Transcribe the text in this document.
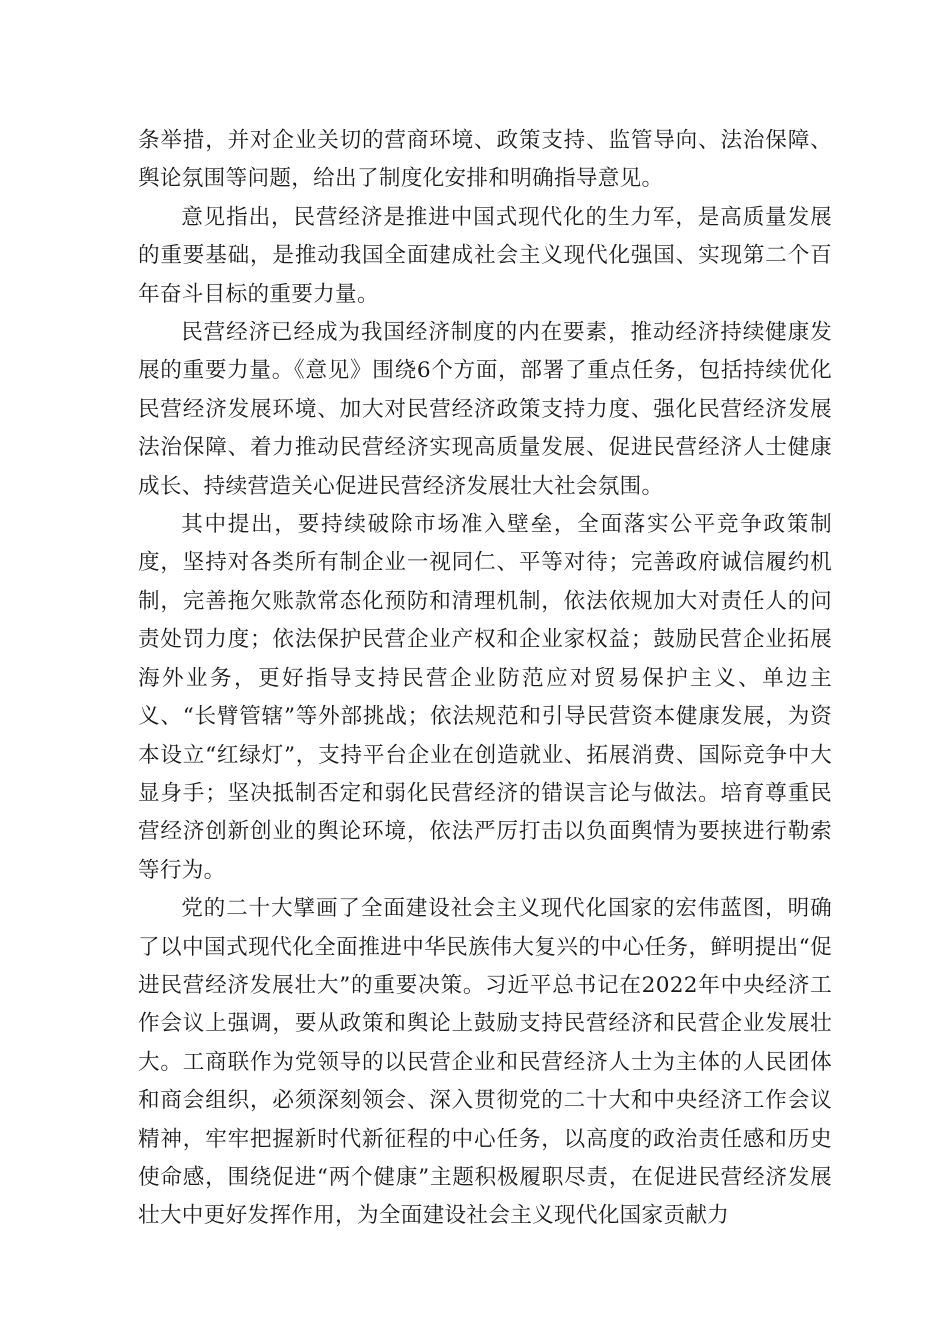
条举措，并对企业关切的营商环境、政策支持、监管导向、法治保障、舆论氛围等问题，给出了制度化安排和明确指导意见。

意见指出，民营经济是推进中国式现代化的生力军，是高质量发展的重要基础，是推动我国全面建成社会主义现代化强国、实现第二个百年奋斗目标的重要力量。

民营经济已经成为我国经济制度的内在要素，推动经济持续健康发展的重要力量。《意见》围绕6个方面，部署了重点任务，包括持续优化民营经济发展环境、加大对民营经济政策支持力度、强化民营经济发展法治保障、着力推动民营经济实现高质量发展、促进民营经济人士健康成长、持续营造关心促进民营经济发展壮大社会氛围。

其中提出，要持续破除市场准入壁垒，全面落实公平竞争政策制度，坚持对各类所有制企业一视同仁、平等对待；完善政府诚信履约机制，完善拖欠账款常态化预防和清理机制，依法依规加大对责任人的问责处罚力度；依法保护民营企业产权和企业家权益；鼓励民营企业拓展海外业务，更好指导支持民营企业防范应对贸易保护主义、单边主义、“长臂管辖”等外部挑战；依法规范和引导民营资本健康发展，为资本设立“红绿灯”，支持平台企业在创造就业、拓展消费、国际竞争中大显身手；坚决抵制否定和弱化民营经济的错误言论与做法。培育尊重民营经济创新创业的舆论环境，依法严厉打击以负面舆情为要挟进行勒索等行为。

党的二十大擘画了全面建设社会主义现代化国家的宏伟蓝图，明确了以中国式现代化全面推进中华民族伟大复兴的中心任务，鲜明提出“促进民营经济发展壮大”的重要决策。习近平总书记在2022年中央经济工作会议上强调，要从政策和舆论上鼓励支持民营经济和民营企业发展壮大。工商联作为党领导的以民营企业和民营经济人士为主体的人民团体和商会组织，必须深刻领会、深入贯彻党的二十大和中央经济工作会议精神，牢牢把握新时代新征程的中心任务，以高度的政治责任感和历史使命感，围绕促进“两个健康”主题积极履职尽责，在促进民营经济发展壮大中更好发挥作用，为全面建设社会主义现代化国家贡献力
